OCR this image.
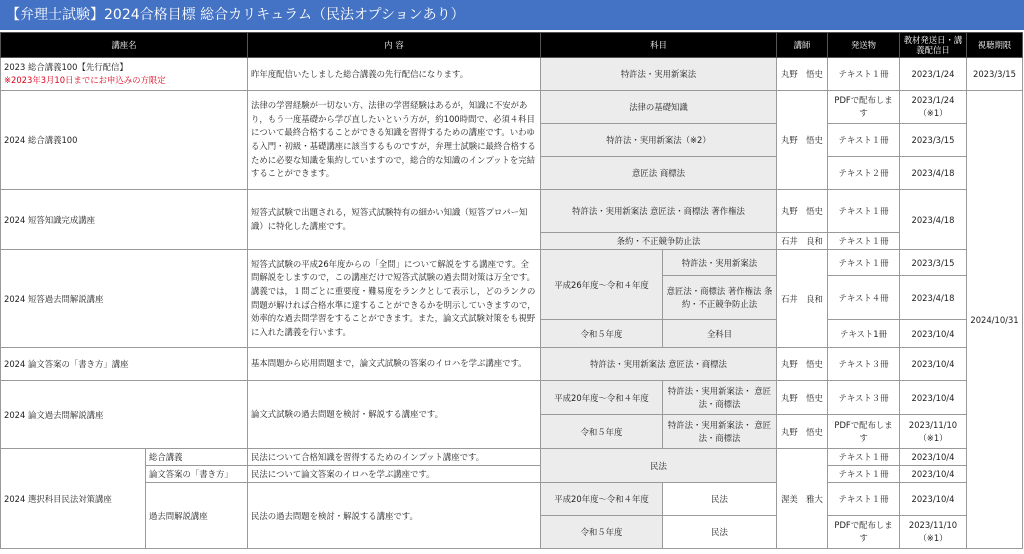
【弁理士試験】2024合格目標 総合カリキュラム（民法オプションあり）
講座名		内 容	科目		講師	発送物	教材発送日・講義配信日	視聴期限

2023 総合講義100【先行配信】
※2023年3月10日までにお申込みの方限定		昨年度配信いたしました総合講義の先行配信になります。	特許法・実用新案法		丸野　悟史	テキスト１冊	2023/1/24	2023/3/15
2024 総合講義100		法律の学習経験が一切ない方、法律の学習経験はあるが，知識に不安があり，もう一度基礎から学び直したいという方が，約100時間で、必須４科目について最終合格することができる知識を習得するための講座です。いわゆる入門・初級・基礎講座に該当するものですが，弁理士試験に最終合格するために必要な知識を集約していますので，総合的な知識のインプットを完結することができます。	法律の基礎知識		丸野　悟史	PDFで配布します	2023/1/24（※1）	2024/10/31
			特許法・実用新案法（※2）			テキスト１冊	2023/3/15	
			意匠法 商標法			テキスト２冊	2023/4/18	
2024 短答知識完成講座		短答式試験で出題される，短答式試験特有の細かい知識（短答プロパー知識）に特化した講座です。	特許法・実用新案法 意匠法・商標法 著作権法		丸野　悟史	テキスト１冊	2023/4/18	
			条約・不正競争防止法		石井　良和	テキスト１冊		
2024 短答過去問解説講座		短答式試験の平成26年度からの「全問」について解説をする講座です。全問解説をしますので，この講座だけで短答式試験の過去問対策は万全です。講義では，１問ごとに重要度・難易度をランクとして表示し，どのランクの問題が解ければ合格水準に達することができるかを明示していきますので，効率的な過去問学習をすることができます。また，論文式試験対策をも視野に入れた講義を行います。	平成26年度～令和４年度	特許法・実用新案法	石井　良和	テキスト１冊	2023/3/15	
				意匠法・商標法 著作権法 条約・不正競争防止法		テキスト４冊	2023/4/18	
			令和５年度	全科目		テキスト1冊	2023/10/4	
2024 論文答案の「書き方」講座		基本問題から応用問題まで，論文式試験の答案のイロハを学ぶ講座です。	特許法・実用新案法 意匠法・商標法		丸野　悟史	テキスト３冊	2023/10/4	
2024 論文過去問解説講座		論文式試験の過去問題を検討・解説する講座です。	平成20年度～令和４年度	特許法・実用新案法・ 意匠法・商標法	丸野　悟史	テキスト３冊	2023/10/4	
			令和５年度	特許法・実用新案法・ 意匠法・商標法	丸野　悟史	PDFで配布します	2023/11/10（※1）	
2024 選択科目民法対策講座	総合講義	民法について合格知識を習得するためのインプット講座です。	民法		渥美　雅大	テキスト１冊	2023/10/4	
	論文答案の「書き方」	民法について論文答案のイロハを学ぶ講座です。				テキスト１冊	2023/10/4	
	過去問解説講座	民法の過去問題を検討・解説する講座です。	平成20年度～令和４年度	民法		テキスト１冊	2023/10/4	
			令和５年度	民法		PDFで配布します	2023/11/10（※1）	
